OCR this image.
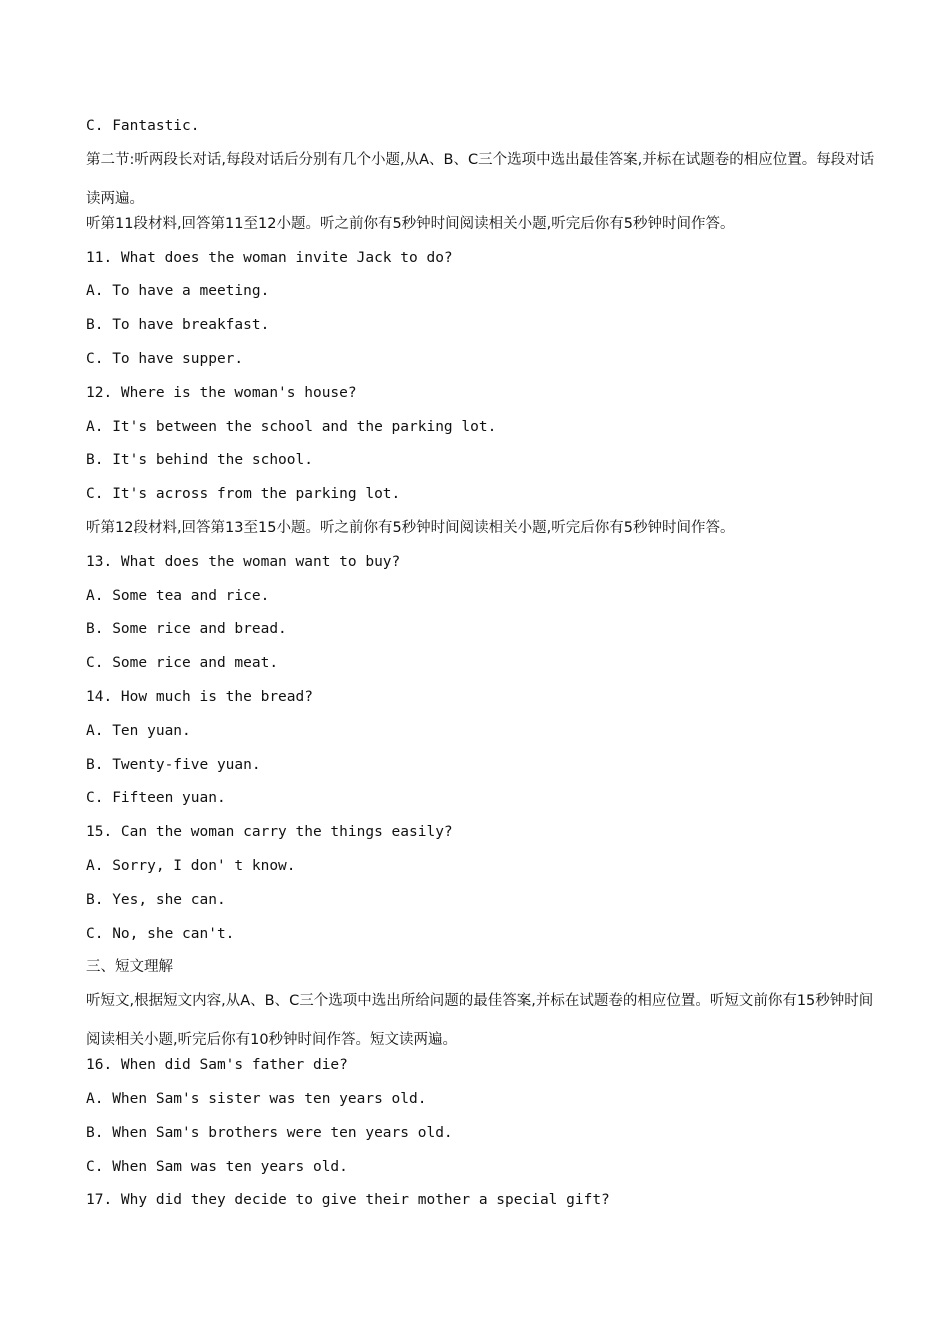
C. Fantastic.
第二节:听两段长对话,每段对话后分别有几个小题,从A、B、C三个选项中选出最佳答案,并标在试题卷的相应位置。每段对话读两遍。
听第11段材料,回答第11至12小题。听之前你有5秒钟时间阅读相关小题,听完后你有5秒钟时间作答。
11. What does the woman invite Jack to do?
A. To have a meeting.
B. To have breakfast.
C. To have supper.
12. Where is the woman's house?
A. It's between the school and the parking lot.
B. It's behind the school.
C. It's across from the parking lot.
听第12段材料,回答第13至15小题。听之前你有5秒钟时间阅读相关小题,听完后你有5秒钟时间作答。
13. What does the woman want to buy?
A. Some tea and rice.
B. Some rice and bread.
C. Some rice and meat.
14. How much is the bread?
A. Ten yuan.
B. Twenty-five yuan.
C. Fifteen yuan.
15. Can the woman carry the things easily?
A. Sorry, I don' t know.
B. Yes, she can.
C. No, she can't.
三、短文理解
听短文,根据短文内容,从A、B、C三个选项中选出所给问题的最佳答案,并标在试题卷的相应位置。听短文前你有15秒钟时间阅读相关小题,听完后你有10秒钟时间作答。短文读两遍。
16. When did Sam's father die?
A. When Sam's sister was ten years old.
B. When Sam's brothers were ten years old.
C. When Sam was ten years old.
17. Why did they decide to give their mother a special gift?
